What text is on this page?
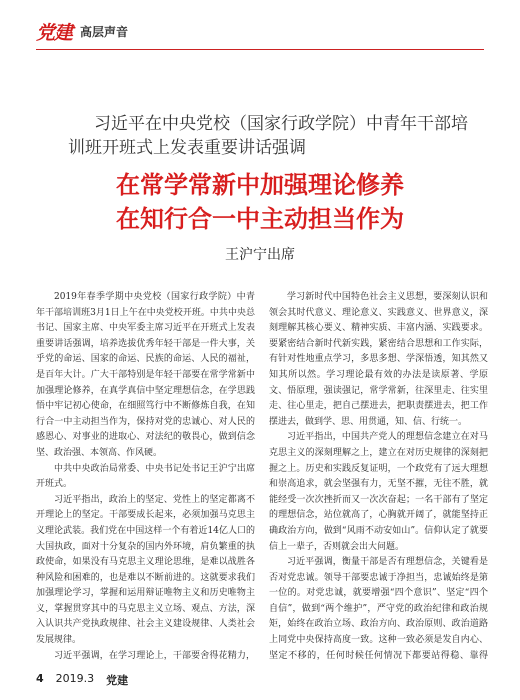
党建 高层声音
习近平在中央党校（国家行政学院）中青年干部培
训班开班式上发表重要讲话强调
在常学常新中加强理论修养
在知行合一中主动担当作为
王沪宁出席

2019年春季学期中央党校（国家行政学院）中青年干部培训班3月1日上午在中央党校开班。中共中央总书记、国家主席、中央军委主席习近平在开班式上发表重要讲话强调，培养选拔优秀年轻干部是一件大事，关乎党的命运、国家的命运、民族的命运、人民的福祉，是百年大计。广大干部特别是年轻干部要在常学常新中加强理论修养，在真学真信中坚定理想信念，在学思践悟中牢记初心使命，在细照笃行中不断修炼自我，在知行合一中主动担当作为，保持对党的忠诚心、对人民的感恩心、对事业的进取心、对法纪的敬畏心，做到信念坚、政治强、本领高、作风硬。

中共中央政治局常委、中央书记处书记王沪宁出席开班式。

习近平指出，政治上的坚定、党性上的坚定都离不开理论上的坚定。干部要成长起来，必须加强马克思主义理论武装。我们党在中国这样一个有着近14亿人口的大国执政，面对十分复杂的国内外环境，肩负繁重的执政使命，如果没有马克思主义理论思维，是难以战胜各种风险和困难的，也是难以不断前进的。这就要求我们加强理论学习，掌握和运用辩证唯物主义和历史唯物主义，掌握贯穿其中的马克思主义立场、观点、方法，深入认识共产党执政规律、社会主义建设规律、人类社会发展规律。

习近平强调，在学习理论上，干部要舍得花精力，

学习新时代中国特色社会主义思想，要深刻认识和领会其时代意义、理论意义、实践意义、世界意义，深刻理解其核心要义、精神实质、丰富内涵、实践要求。要紧密结合新时代新实践，紧密结合思想和工作实际，有针对性地重点学习，多思多想、学深悟透，知其然又知其所以然。学习理论最有效的办法是读原著、学原文、悟原理，强读强记，常学常新，往深里走、往实里走、往心里走，把自己摆进去，把职责摆进去，把工作摆进去，做到学、思、用贯通，知、信、行统一。

习近平指出，中国共产党人的理想信念建立在对马克思主义的深刻理解之上，建立在对历史规律的深刻把握之上。历史和实践反复证明，一个政党有了远大理想和崇高追求，就会坚强有力，无坚不摧，无往不胜，就能经受一次次挫折而又一次次奋起；一名干部有了坚定的理想信念，站位就高了，心胸就开阔了，就能坚持正确政治方向，做到“风雨不动安如山”。信仰认定了就要信上一辈子，否则就会出大问题。

习近平强调，衡量干部是否有理想信念，关键看是否对党忠诚。领导干部要忠诚于净担当，忠诚始终是第一位的。对党忠诚，就要增强“四个意识”、坚定“四个自信”，做到“两个维护”，严守党的政治纪律和政治规矩，始终在政治立场、政治方向、政治原则、政治道路上同党中央保持高度一致。这种一致必须是发自内心、坚定不移的，任何时候任何情况下都要站得稳、靠得

4 2019.3 党建
